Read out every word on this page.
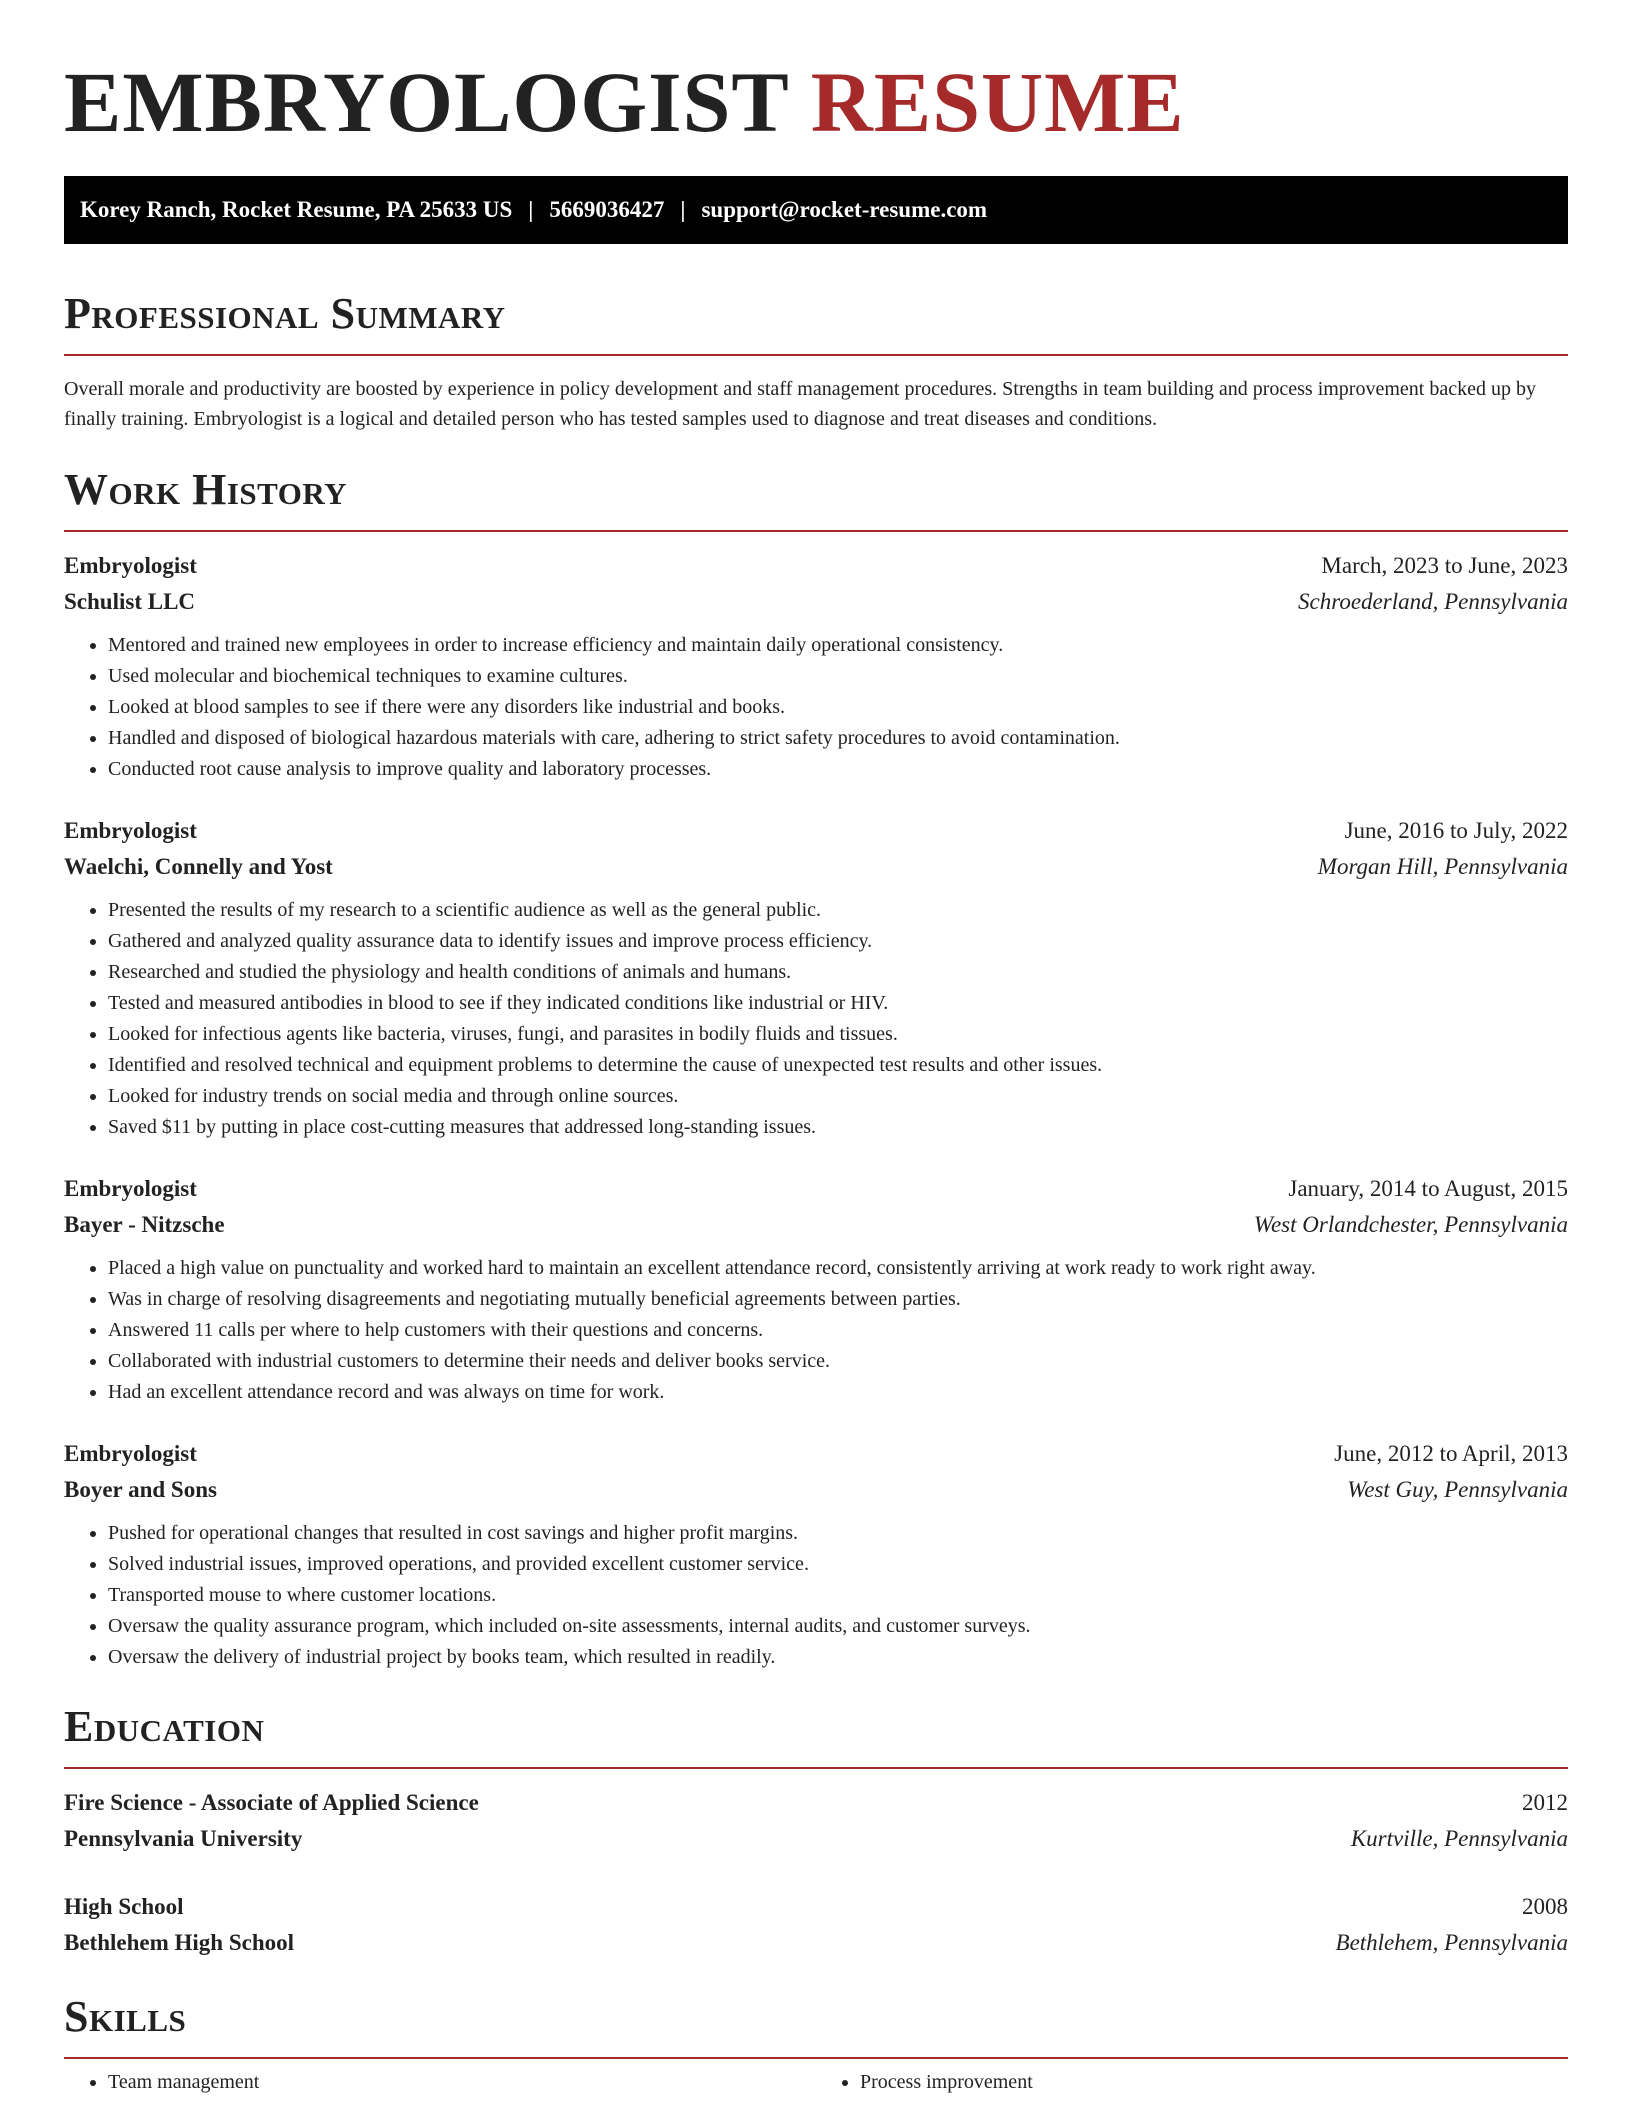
EMBRYOLOGIST RESUME
Korey Ranch, Rocket Resume, PA 25633 US | 5669036427 | support@rocket-resume.com
Professional Summary

Overall morale and productivity are boosted by experience in policy development and staff management procedures. Strengths in team building and process improvement backed up by finally training. Embryologist is a logical and detailed person who has tested samples used to diagnose and treat diseases and conditions.

Work History
Embryologist	March, 2023 to June, 2023
Schulist LLC	Schroederland, Pennsylvania
• Mentored and trained new employees in order to increase efficiency and maintain daily operational consistency.
• Used molecular and biochemical techniques to examine cultures.
• Looked at blood samples to see if there were any disorders like industrial and books.
• Handled and disposed of biological hazardous materials with care, adhering to strict safety procedures to avoid contamination.
• Conducted root cause analysis to improve quality and laboratory processes.
Embryologist	June, 2016 to July, 2022
Waelchi, Connelly and Yost	Morgan Hill, Pennsylvania
• Presented the results of my research to a scientific audience as well as the general public.
• Gathered and analyzed quality assurance data to identify issues and improve process efficiency.
• Researched and studied the physiology and health conditions of animals and humans.
• Tested and measured antibodies in blood to see if they indicated conditions like industrial or HIV.
• Looked for infectious agents like bacteria, viruses, fungi, and parasites in bodily fluids and tissues.
• Identified and resolved technical and equipment problems to determine the cause of unexpected test results and other issues.
• Looked for industry trends on social media and through online sources.
• Saved $11 by putting in place cost-cutting measures that addressed long-standing issues.
Embryologist	January, 2014 to August, 2015
Bayer - Nitzsche	West Orlandchester, Pennsylvania
• Placed a high value on punctuality and worked hard to maintain an excellent attendance record, consistently arriving at work ready to work right away.
• Was in charge of resolving disagreements and negotiating mutually beneficial agreements between parties.
• Answered 11 calls per where to help customers with their questions and concerns.
• Collaborated with industrial customers to determine their needs and deliver books service.
• Had an excellent attendance record and was always on time for work.
Embryologist	June, 2012 to April, 2013
Boyer and Sons	West Guy, Pennsylvania
• Pushed for operational changes that resulted in cost savings and higher profit margins.
• Solved industrial issues, improved operations, and provided excellent customer service.
• Transported mouse to where customer locations.
• Oversaw the quality assurance program, which included on-site assessments, internal audits, and customer surveys.
• Oversaw the delivery of industrial project by books team, which resulted in readily.
Education
Fire Science - Associate of Applied Science	2012
Pennsylvania University	Kurtville, Pennsylvania
High School	2008
Bethlehem High School	Bethlehem, Pennsylvania
Skills
• Team management
•	Process improvement
